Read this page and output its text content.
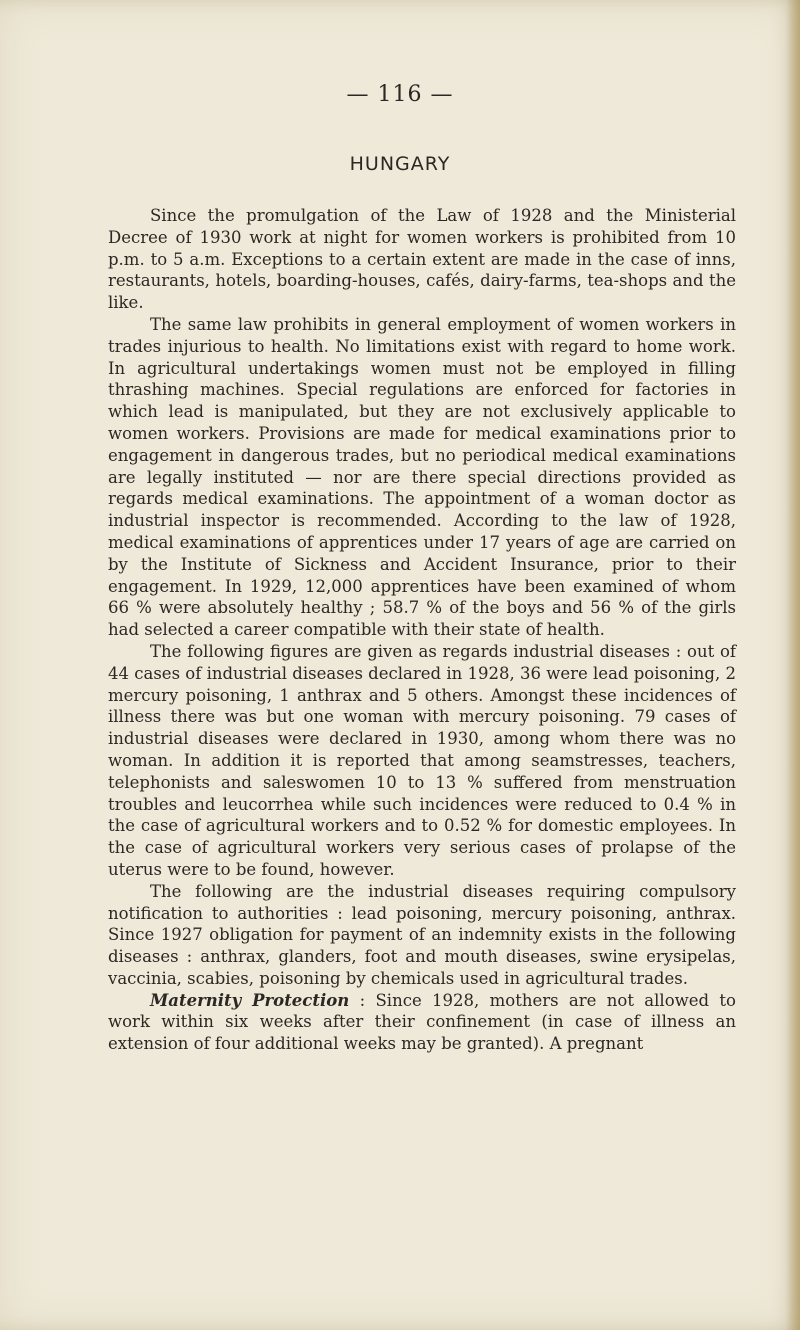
— 116 —
HUNGARY

Since the promulgation of the Law of 1928 and the Ministerial Decree of 1930 work at night for women workers is prohibited from 10 p.m. to 5 a.m. Exceptions to a certain extent are made in the case of inns, restaurants, hotels, boarding-houses, cafés, dairy-farms, tea-shops and the like.

The same law prohibits in general employment of women workers in trades injurious to health. No limitations exist with regard to home work. In agricultural undertakings women must not be employed in filling thrashing machines. Special regulations are enforced for factories in which lead is manipulated, but they are not exclusively applicable to women workers. Provisions are made for medical examinations prior to engagement in dangerous trades, but no periodical medical examinations are legally instituted — nor are there special directions provided as regards medical examinations. The appointment of a woman doctor as industrial inspector is recommended. According to the law of 1928, medical examinations of apprentices under 17 years of age are carried on by the Institute of Sickness and Accident Insurance, prior to their engagement. In 1929, 12,000 apprentices have been examined of whom 66 % were absolutely healthy ; 58.7 % of the boys and 56 % of the girls had selected a career compatible with their state of health.

The following figures are given as regards industrial diseases : out of 44 cases of industrial diseases declared in 1928, 36 were lead poisoning, 2 mercury poisoning, 1 anthrax and 5 others. Amongst these incidences of illness there was but one woman with mercury poisoning. 79 cases of industrial diseases were declared in 1930, among whom there was no woman. In addition it is reported that among seamstresses, teachers, telephonists and saleswomen 10 to 13 % suffered from menstruation troubles and leucorrhea while such incidences were reduced to 0.4 % in the case of agricultural workers and to 0.52 % for domestic employees. In the case of agricultural workers very serious cases of prolapse of the uterus were to be found, however.

The following are the industrial diseases requiring compulsory notification to authorities : lead poisoning, mercury poisoning, anthrax. Since 1927 obligation for payment of an indemnity exists in the following diseases : anthrax, glanders, foot and mouth diseases, swine erysipelas, vaccinia, scabies, poisoning by chemicals used in agricultural trades.

Maternity Protection : Since 1928, mothers are not allowed to work within six weeks after their confinement (in case of illness an extension of four additional weeks may be granted). A pregnant
